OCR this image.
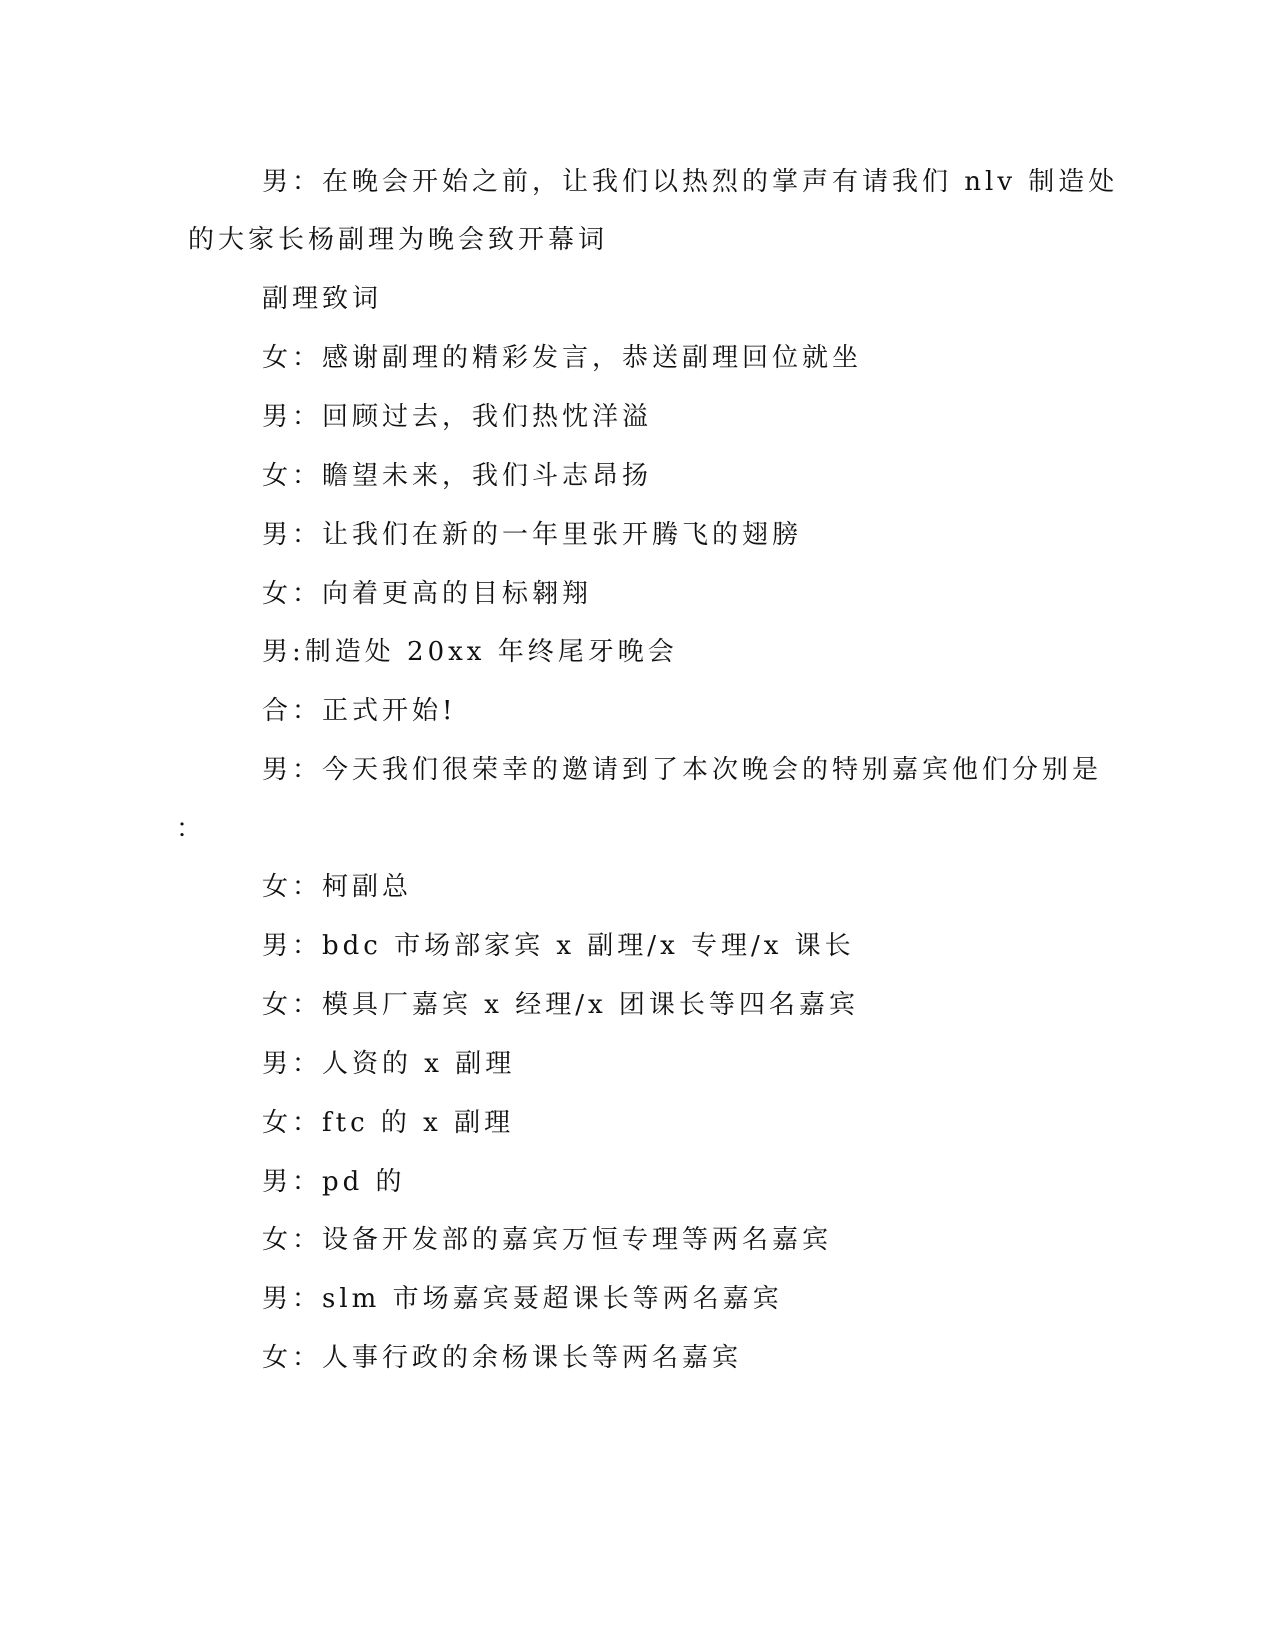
男：在晚会开始之前，让我们以热烈的掌声有请我们 nlv 制造处

的大家长杨副理为晚会致开幕词

副理致词

女：感谢副理的精彩发言，恭送副理回位就坐

男：回顾过去，我们热忱洋溢

女：瞻望未来，我们斗志昂扬

男：让我们在新的一年里张开腾飞的翅膀

女：向着更高的目标翱翔

男:制造处 20xx 年终尾牙晚会

合：正式开始!

男：今天我们很荣幸的邀请到了本次晚会的特别嘉宾他们分别是

：

女：柯副总

男：bdc 市场部家宾 x 副理/x 专理/x 课长

女：模具厂嘉宾 x 经理/x 团课长等四名嘉宾

男：人资的 x 副理

女：ftc 的 x 副理

男：pd 的

女：设备开发部的嘉宾万恒专理等两名嘉宾

男：slm 市场嘉宾聂超课长等两名嘉宾

女：人事行政的余杨课长等两名嘉宾
